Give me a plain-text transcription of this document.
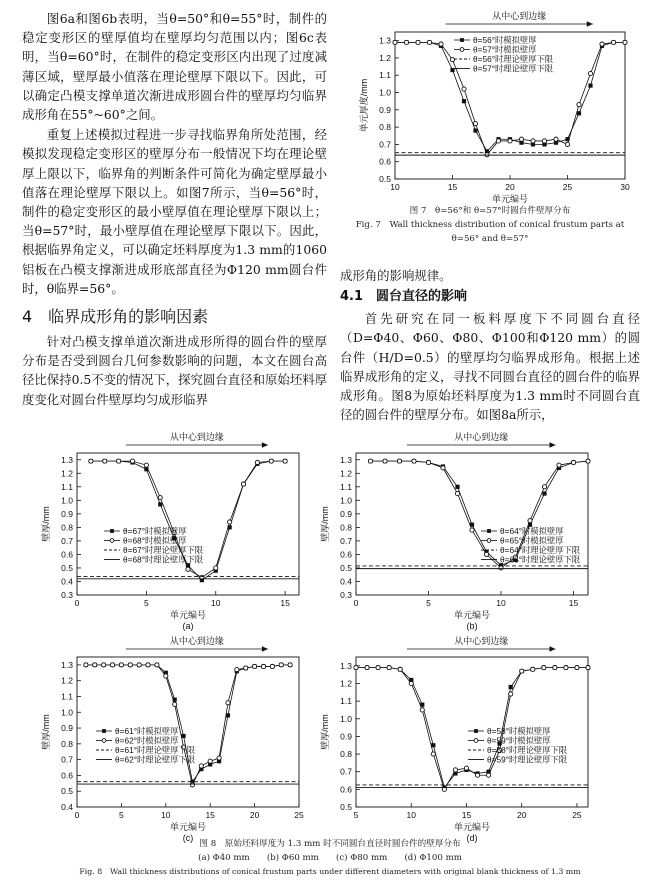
图6a和图6b表明，当θ=50°和θ=55°时，制件的稳定变形区的壁厚值均在壁厚均匀范围以内；图6c表明，当θ=60°时，在制件的稳定变形区内出现了过度减薄区域，壁厚最小值落在理论壁厚下限以下。因此，可以确定凸模支撑单道次渐进成形圆台件的壁厚均匀临界成形角在55°~60°之间。

重复上述模拟过程进一步寻找临界角所处范围，经模拟发现稳定变形区的壁厚分布一般情况下均在理论壁厚上限以下，临界角的判断条件可简化为确定壁厚最小值落在理论壁厚下限以上。如图7所示，当θ=56°时，制件的稳定变形区的最小壁厚值在理论壁厚下限以上；当θ=57°时，最小壁厚值在理论壁厚下限以下。因此，根据临界角定义，可以确定坯料厚度为1.3 mm的1060铝板在凸模支撑渐进成形底部直径为Φ120 mm圆台件时，θ临界=56°。

4　临界成形角的影响因素

针对凸模支撑单道次渐进成形所得的圆台件的壁厚分布是否受到圆台几何参数影响的问题，本文在圆台高径比保持0.5不变的情况下，探究圆台直径和原始坯料厚度变化对圆台件壁厚均匀成形临界

10	15	20	25	30
0.5
0.6
0.7
0.8
0.9
1.0
1.1
1.2
1.3
单元编号
单元厚度/mm
从中心到边缘
θ=56°时模拟壁厚
θ=57°时模拟壁厚
θ=56°时理论壁厚下限
θ=57°时理论壁厚下限
图 7　θ=56°和 θ=57°时圆台件壁厚分布
Fig. 7　Wall thickness distribution of conical frustum parts at
θ=56° and θ=57°

成形角的影响规律。

4.1　圆台直径的影响

首先研究在同一板料厚度下不同圆台直径（D=Φ40、Φ60、Φ80、Φ100和Φ120 mm）的圆台件（H/D=0.5）的壁厚均匀临界成形角。根据上述临界成形角的定义，寻找不同圆台直径的圆台件的临界成形角。图8为原始坯料厚度为1.3 mm时不同圆台直径的圆台件的壁厚分布。如图8a所示，

0	5	10	15
0.3
0.4
0.5
0.6
0.7
0.8
0.9
1.0
1.1
1.2
1.3
单元编号
壁厚/mm
(a)
从中心到边缘
θ=67°时模拟壁厚
θ=68°时模拟壁厚
θ=67°时理论壁厚下限
θ=68°时理论壁厚下限
0	5	10	15
0.3
0.4
0.5
0.6
0.7
0.8
0.9
1.0
1.1
1.2
1.3
单元编号
壁厚/mm
(b)
从中心到边缘
θ=64°时模拟壁厚
θ=65°时模拟壁厚
θ=64°时理论壁厚下限
θ=65°时理论壁厚下限
0	5	10	15	20	25
0.4
0.5
0.6
0.7
0.8
0.9
1.0
1.1
1.2
1.3
单元编号
壁厚/mm
(c)
从中心到边缘
θ=61°时模拟壁厚
θ=62°时模拟壁厚
θ=61°时理论壁厚下限
θ=62°时理论壁厚下限
5	10	15	20	25
0.5
0.6
0.7
0.8
0.9
1.0
1.1
1.2
1.3
单元编号
壁厚/mm
(d)
从中心到边缘
θ=58°时模拟壁厚
θ=59°时模拟壁厚
θ=58°时理论壁厚下限
θ=59°时理论壁厚下限
图 8　原始坯料厚度为 1.3 mm 时不同圆台直径时圆台件的壁厚分布
(a) Φ40 mm　　(b) Φ60 mm　　(c) Φ80 mm　　(d) Φ100 mm
Fig. 8　Wall thickness distributions of conical frustum parts under different diameters with original blank thickness of 1.3 mm
